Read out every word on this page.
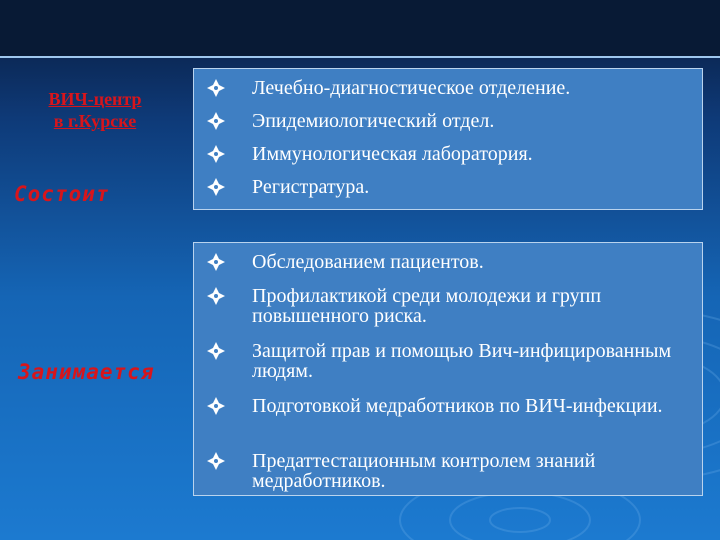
ВИЧ-центр
в г.Курске
Состоит
Занимается
Лечебно-диагностическое отделение.
Эпидемиологический отдел.
Иммунологическая лаборатория.
Регистратура.
Обследованием пациентов.
Профилактикой среди молодежи и групп повышенного риска.
Защитой прав и помощью Вич-инфицированным людям.
Подготовкой медработников по ВИЧ-инфекции.
Предаттестационным контролем знаний медработников.
